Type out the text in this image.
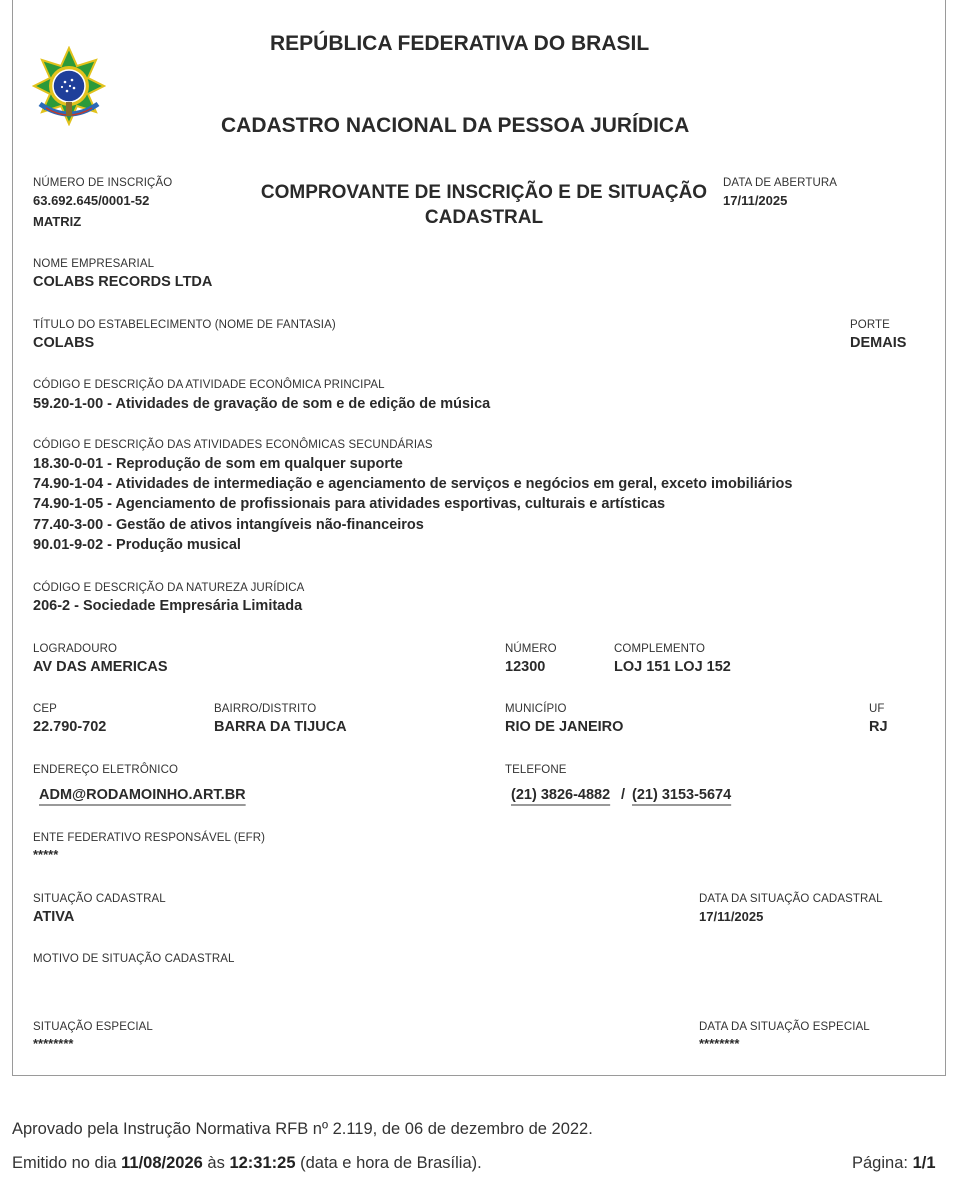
REPÚBLICA FEDERATIVA DO BRASIL
CADASTRO NACIONAL DA PESSOA JURÍDICA
NÚMERO DE INSCRIÇÃO
63.692.645/0001-52
MATRIZ
COMPROVANTE DE INSCRIÇÃO E DE SITUAÇÃO
CADASTRAL
DATA DE ABERTURA
17/11/2025
NOME EMPRESARIAL
COLABS RECORDS LTDA
TÍTULO DO ESTABELECIMENTO (NOME DE FANTASIA)
COLABS
PORTE
DEMAIS
CÓDIGO E DESCRIÇÃO DA ATIVIDADE ECONÔMICA PRINCIPAL
59.20-1-00 - Atividades de gravação de som e de edição de música
CÓDIGO E DESCRIÇÃO DAS ATIVIDADES ECONÔMICAS SECUNDÁRIAS
18.30-0-01 - Reprodução de som em qualquer suporte
74.90-1-04 - Atividades de intermediação e agenciamento de serviços e negócios em geral, exceto imobiliários
74.90-1-05 - Agenciamento de profissionais para atividades esportivas, culturais e artísticas
77.40-3-00 - Gestão de ativos intangíveis não-financeiros
90.01-9-02 - Produção musical
CÓDIGO E DESCRIÇÃO DA NATUREZA JURÍDICA
206-2 - Sociedade Empresária Limitada
LOGRADOURO
AV DAS AMERICAS
NÚMERO
12300
COMPLEMENTO
LOJ 151 LOJ 152
CEP
22.790-702
BAIRRO/DISTRITO
BARRA DA TIJUCA
MUNICÍPIO
RIO DE JANEIRO
UF
RJ
ENDEREÇO ELETRÔNICO
ADM@RODAMOINHO.ART.BR
TELEFONE
(21) 3826-4882 / (21) 3153-5674
ENTE FEDERATIVO RESPONSÁVEL (EFR)
*****
SITUAÇÃO CADASTRAL
ATIVA
DATA DA SITUAÇÃO CADASTRAL
17/11/2025
MOTIVO DE SITUAÇÃO CADASTRAL
SITUAÇÃO ESPECIAL
********
DATA DA SITUAÇÃO ESPECIAL
********
Aprovado pela Instrução Normativa RFB nº 2.119, de 06 de dezembro de 2022.
Emitido no dia 11/08/2026 às 12:31:25 (data e hora de Brasília).	Página: 1/1
